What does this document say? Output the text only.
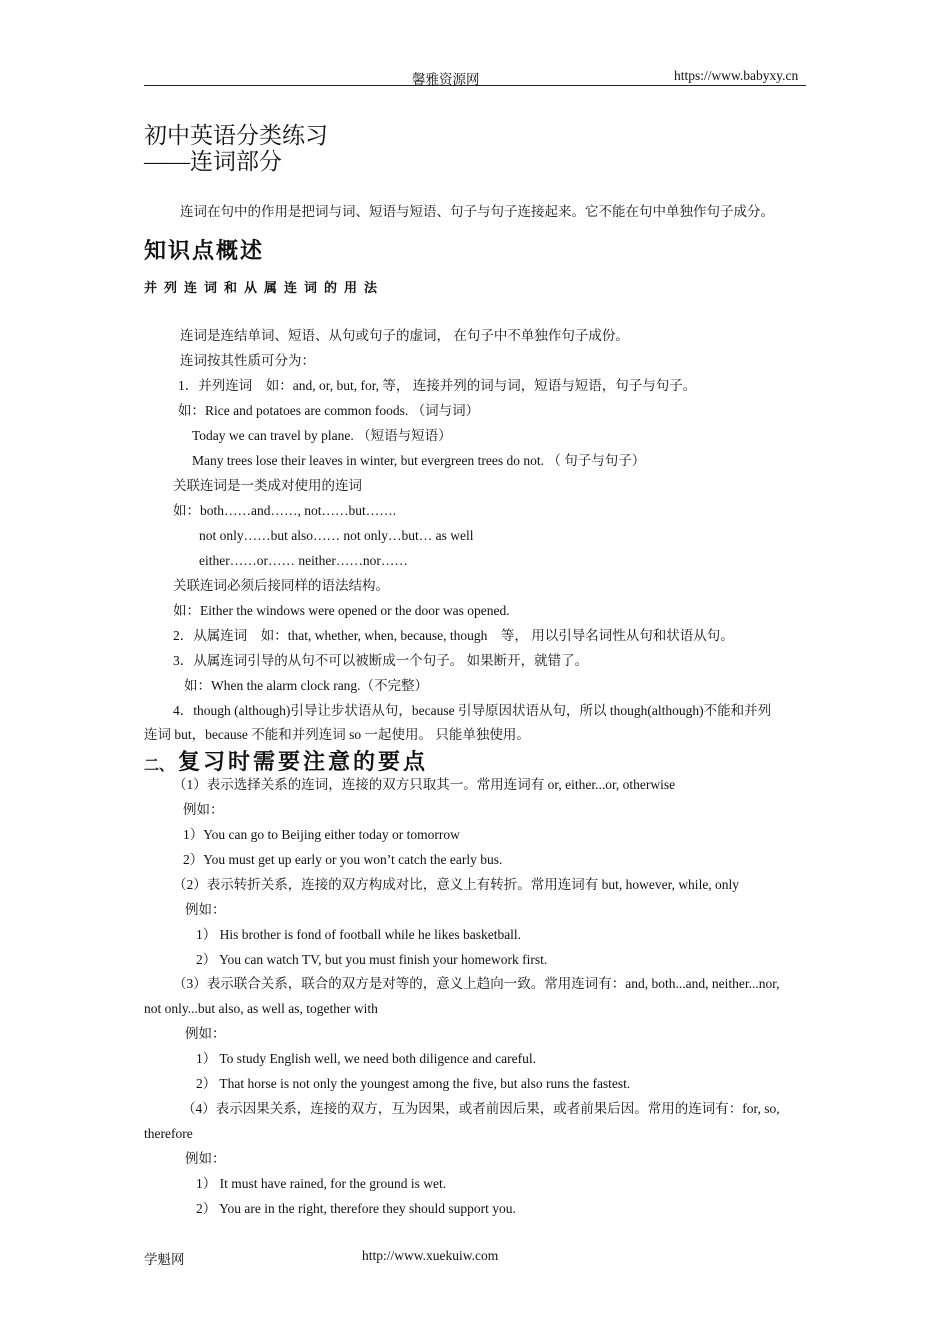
馨雅资源网	https://www.babyxy.cn
初中英语分类练习
——连词部分
连词在句中的作用是把词与词、短语与短语、句子与句子连接起来。它不能在句中单独作句子成分。
知识点概述
并列连词和从属连词的用法
连词是连结单词、短语、从句或句子的虚词， 在句子中不单独作句子成份。
连词按其性质可分为：
1．并列连词　如：and, or, but, for, 等， 连接并列的词与词，短语与短语，句子与句子。
如：Rice and potatoes are common foods. （词与词）
Today we can travel by plane. （短语与短语）
Many trees lose their leaves in winter, but evergreen trees do not. （ 句子与句子）
关联连词是一类成对使用的连词
如：both……and……, not……but…….
not only……but also…… not only…but… as well
either……or…… neither……nor……
关联连词必须后接同样的语法结构。
如：Either the windows were opened or the door was opened.
2．从属连词　如：that, whether, when, because, though　等， 用以引导名词性从句和状语从句。
3．从属连词引导的从句不可以被断成一个句子。 如果断开，就错了。
如：When the alarm clock rang.（不完整）
4．though (although)引导让步状语从句，because 引导原因状语从句，所以 though(although)不能和并列
连词 but，because 不能和并列连词 so 一起使用。 只能单独使用。
二、 复习时需要注意的要点
（1）表示选择关系的连词，连接的双方只取其一。常用连词有 or, either...or, otherwise
例如：
1）You can go to Beijing either today or tomorrow
2）You must get up early or you won’t catch the early bus.
（2）表示转折关系，连接的双方构成对比，意义上有转折。常用连词有 but, however, while, only
例如：
1） His brother is fond of football while he likes basketball.
2） You can watch TV, but you must finish your homework first.
（3）表示联合关系，联合的双方是对等的，意义上趋向一致。常用连词有：and, both...and, neither...nor,
not only...but also, as well as, together with
例如：
1） To study English well, we need both diligence and careful.
2） That horse is not only the youngest among the five, but also runs the fastest.
（4）表示因果关系，连接的双方，互为因果，或者前因后果，或者前果后因。常用的连词有：for, so,
therefore
例如：
1） It must have rained, for the ground is wet.
2） You are in the right, therefore they should support you.
学魁网	http://www.xuekuiw.com
